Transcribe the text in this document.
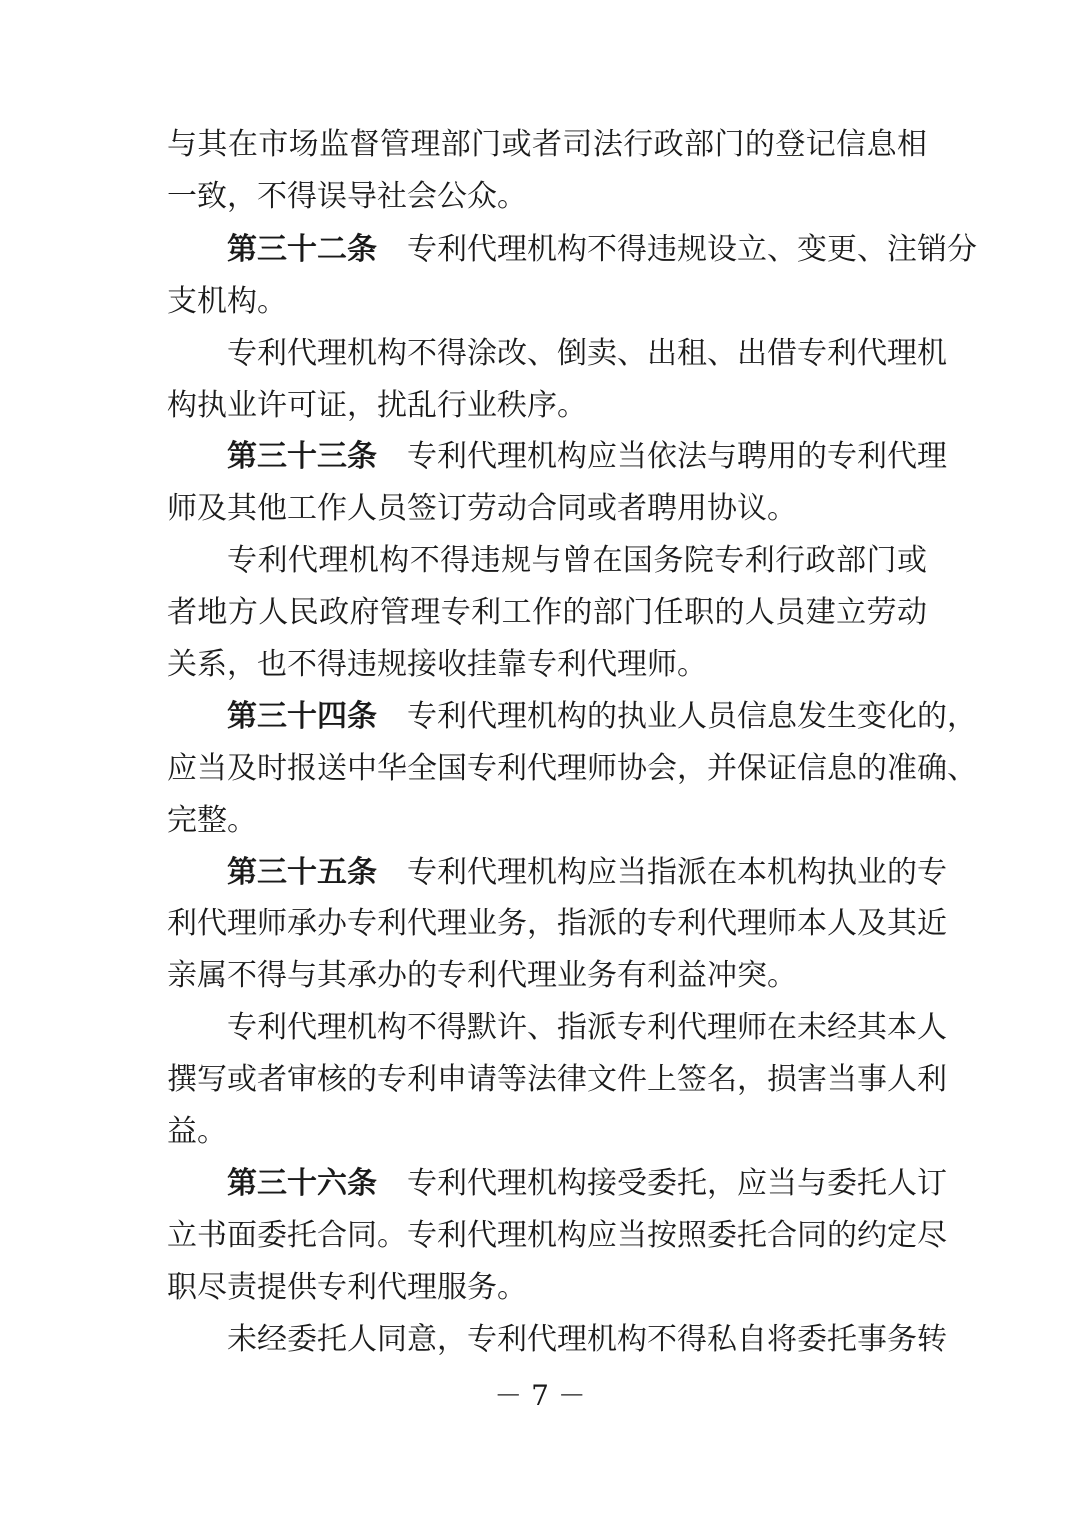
与其在市场监督管理部门或者司法行政部门的登记信息相
一致，不得误导社会公众。
第三十二条　 专利代理机构不得违规设立、变更、注销分
支机构。
专利代理机构不得涂改、倒卖、出租、出借专利代理机
构执业许可证，扰乱行业秩序。
第三十三条　 专利代理机构应当依法与聘用的专利代理
师及其他工作人员签订劳动合同或者聘用协议。
专利代理机构不得违规与曾在国务院专利行政部门或
者地方人民政府管理专利工作的部门任职的人员建立劳动
关系，也不得违规接收挂靠专利代理师。
第三十四条　 专利代理机构的执业人员信息发生变化的，
应当及时报送中华全国专利代理师协会，并保证信息的准确、
完整。
第三十五条　 专利代理机构应当指派在本机构执业的专
利代理师承办专利代理业务，指派的专利代理师本人及其近
亲属不得与其承办的专利代理业务有利益冲突。
专利代理机构不得默许、指派专利代理师在未经其本人
撰写或者审核的专利申请等法律文件上签名，损害当事人利
益。
第三十六条　 专利代理机构接受委托，应当与委托人订
立书面委托合同。专利代理机构应当按照委托合同的约定尽
职尽责提供专利代理服务。
未经委托人同意，专利代理机构不得私自将委托事务转
－ 7 －
